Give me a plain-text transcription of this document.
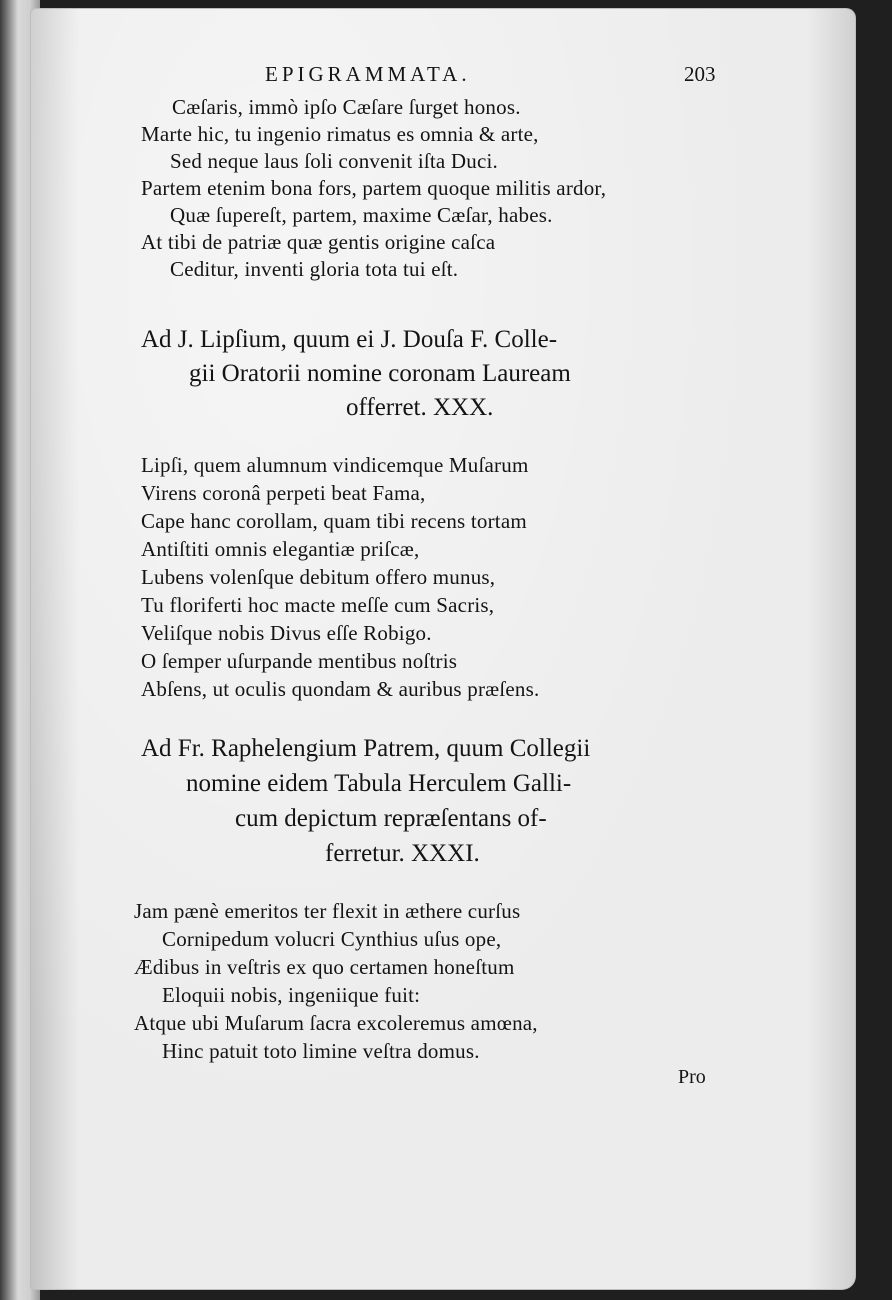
EPIGRAMMATA.	203
Cæſaris, immò ipſo Cæſare ſurget honos.
Marte hic, tu ingenio rimatus es omnia & arte,
Sed neque laus ſoli convenit iſta Duci.
Partem etenim bona fors, partem quoque militis ardor,
Quæ ſupereſt, partem, maxime Cæſar, habes.
At tibi de patriæ quæ gentis origine caſca
Ceditur, inventi gloria tota tui eſt.
Ad J. Lipſium, quum ei J. Douſa F. Colle-
gii Oratorii nomine coronam Lauream
offerret. XXX.
Lipſi, quem alumnum vindicemque Muſarum
Virens coronâ perpeti beat Fama,
Cape hanc corollam, quam tibi recens tortam
Antiſtiti omnis elegantiæ priſcæ,
Lubens volenſque debitum offero munus,
Tu floriferti hoc macte meſſe cum Sacris,
Veliſque nobis Divus eſſe Robigo.
O ſemper uſurpande mentibus noſtris
Abſens, ut oculis quondam & auribus præſens.
Ad Fr. Raphelengium Patrem, quum Collegii
nomine eidem Tabula Herculem Galli-
cum depictum repræſentans of-
ferretur. XXXI.
Jam pænè emeritos ter flexit in æthere curſus
Cornipedum volucri Cynthius uſus ope,
Ædibus in veſtris ex quo certamen honeſtum
Eloquii nobis, ingeniique fuit:
Atque ubi Muſarum ſacra excoleremus amœna,
Hinc patuit toto limine veſtra domus.
Pro
